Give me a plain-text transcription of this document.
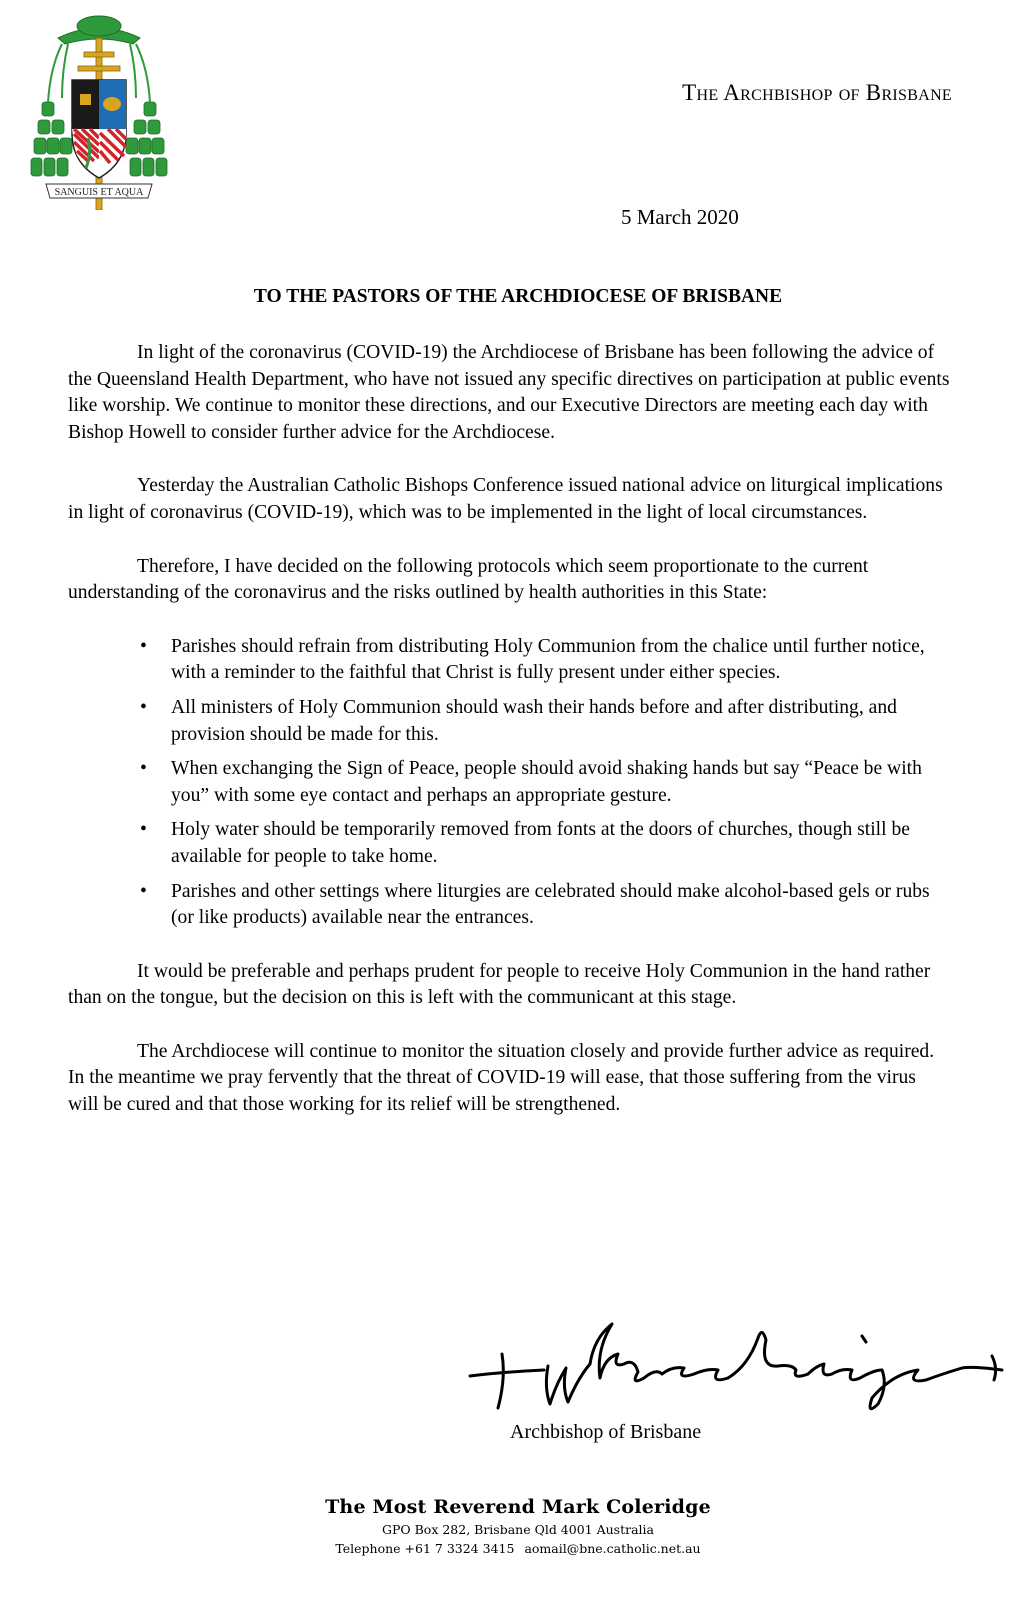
SANGUIS ET AQUA
The Archbishop of Brisbane
5 March 2020
TO THE PASTORS OF THE ARCHDIOCESE OF BRISBANE

In light of the coronavirus (COVID-19) the Archdiocese of Brisbane has been following the advice of the Queensland Health Department, who have not issued any specific directives on participation at public events like worship. We continue to monitor these directions, and our Executive Directors are meeting each day with Bishop Howell to consider further advice for the Archdiocese.

Yesterday the Australian Catholic Bishops Conference issued national advice on liturgical implications in light of coronavirus (COVID-19), which was to be implemented in the light of local circumstances.

Therefore, I have decided on the following protocols which seem proportionate to the current understanding of the coronavirus and the risks outlined by health authorities in this State:

• Parishes should refrain from distributing Holy Communion from the chalice until further notice, with a reminder to the faithful that Christ is fully present under either species.
• All ministers of Holy Communion should wash their hands before and after distributing, and provision should be made for this.
• When exchanging the Sign of Peace, people should avoid shaking hands but say “Peace be with you” with some eye contact and perhaps an appropriate gesture.
• Holy water should be temporarily removed from fonts at the doors of churches, though still be available for people to take home.
• Parishes and other settings where liturgies are celebrated should make alcohol-based gels or rubs (or like products) available near the entrances.

It would be preferable and perhaps prudent for people to receive Holy Communion in the hand rather than on the tongue, but the decision on this is left with the communicant at this stage.

The Archdiocese will continue to monitor the situation closely and provide further advice as required. In the meantime we pray fervently that the threat of COVID-19 will ease, that those suffering from the virus will be cured and that those working for its relief will be strengthened.

Archbishop of Brisbane
The Most Reverend Mark Coleridge
GPO Box 282, Brisbane Qld 4001 Australia
Telephone +61 7 3324 3415 aomail@bne.catholic.net.au
